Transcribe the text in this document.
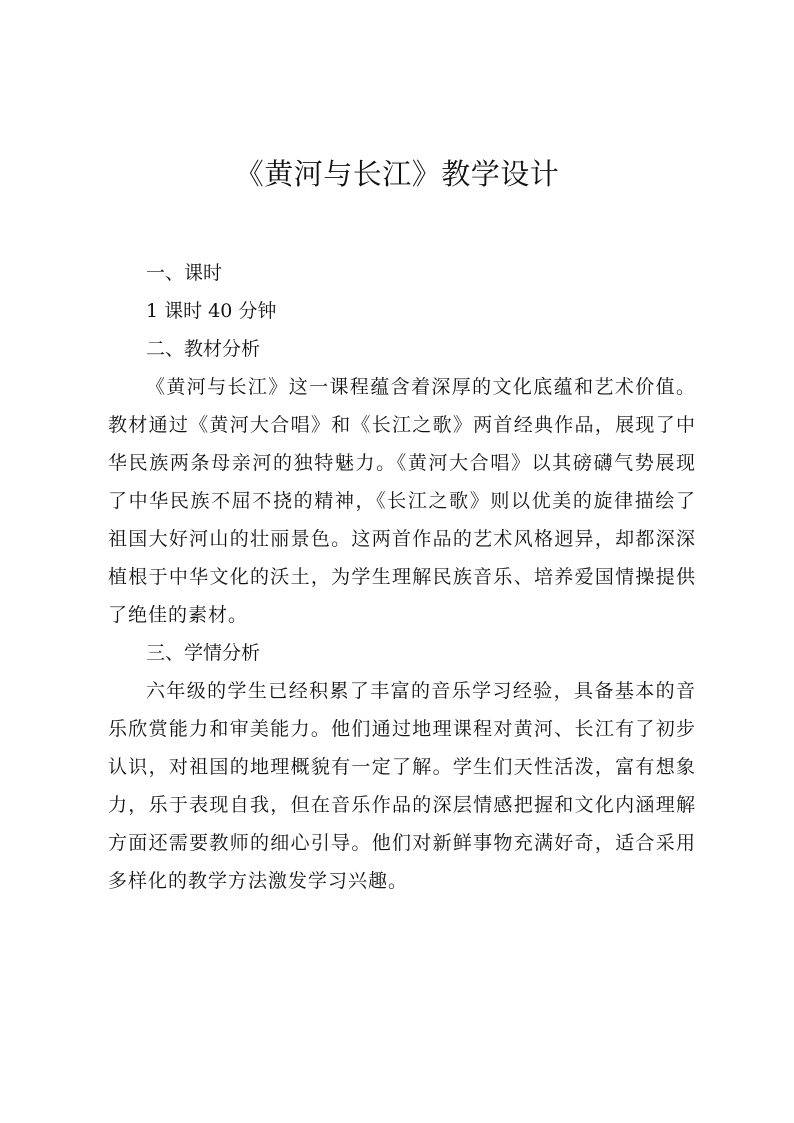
《黄河与长江》教学设计

一、课时

1 课时 40 分钟

二、教材分析

《黄河与长江》这一课程蕴含着深厚的文化底蕴和艺术价值。教材通过《黄河大合唱》和《长江之歌》两首经典作品，展现了中华民族两条母亲河的独特魅力。《黄河大合唱》以其磅礴气势展现了中华民族不屈不挠的精神，《长江之歌》则以优美的旋律描绘了祖国大好河山的壮丽景色。这两首作品的艺术风格迥异，却都深深植根于中华文化的沃土，为学生理解民族音乐、培养爱国情操提供了绝佳的素材。

三、学情分析

六年级的学生已经积累了丰富的音乐学习经验，具备基本的音乐欣赏能力和审美能力。他们通过地理课程对黄河、长江有了初步认识，对祖国的地理概貌有一定了解。学生们天性活泼，富有想象力，乐于表现自我，但在音乐作品的深层情感把握和文化内涵理解方面还需要教师的细心引导。他们对新鲜事物充满好奇，适合采用多样化的教学方法激发学习兴趣。
